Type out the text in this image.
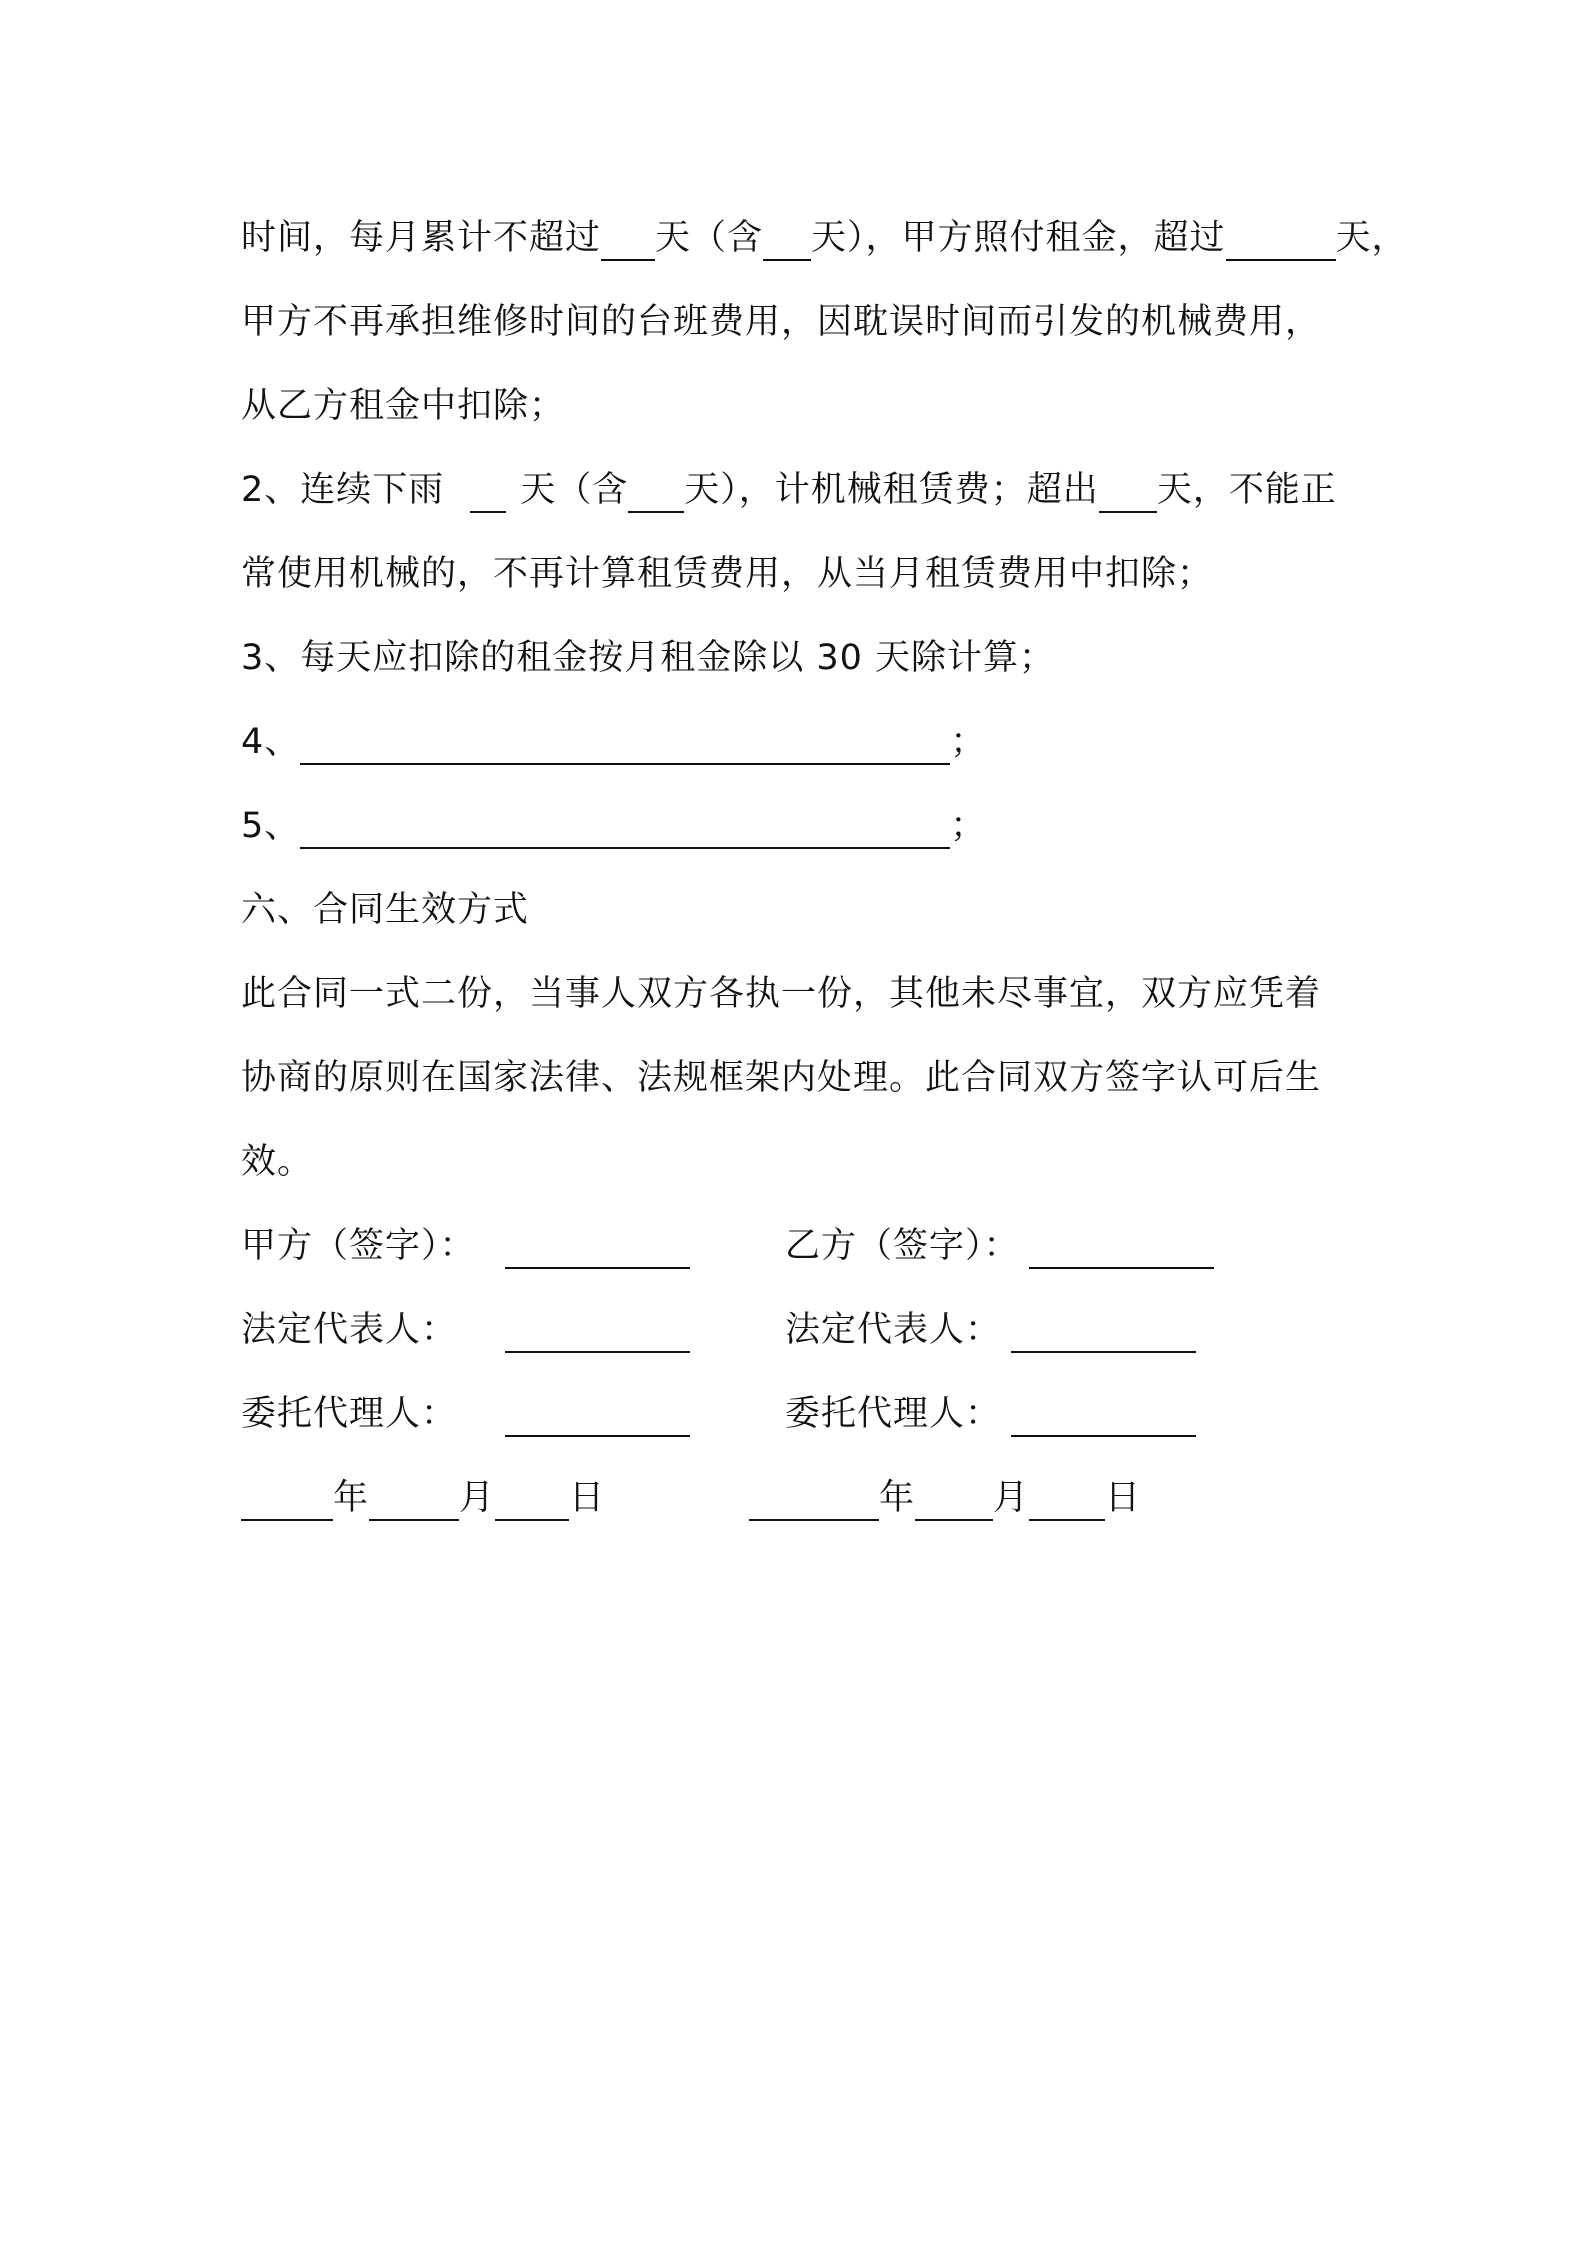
时间，每月累计不超过 天（含 天），甲方照付租金，超过	天，
甲方不再承担维修时间的台班费用，因耽误时间而引发的机械费用，
从乙方租金中扣除；
2、连续下雨 天（含 天），计机械租赁费；超出 天，不能正
常使用机械的，不再计算租赁费用，从当月租赁费用中扣除；
3、每天应扣除的租金按月租金除以 30 天除计算；
4、	；
5、	；
六、合同生效方式
此合同一式二份，当事人双方各执一份，其他未尽事宜，双方应凭着
协商的原则在国家法律、法规框架内处理。此合同双方签字认可后生
效。
甲方（签字）：	乙方（签字）：
法定代表人：	法定代表人：
委托代理人：	委托代理人：
年	月 日	年 月 日
